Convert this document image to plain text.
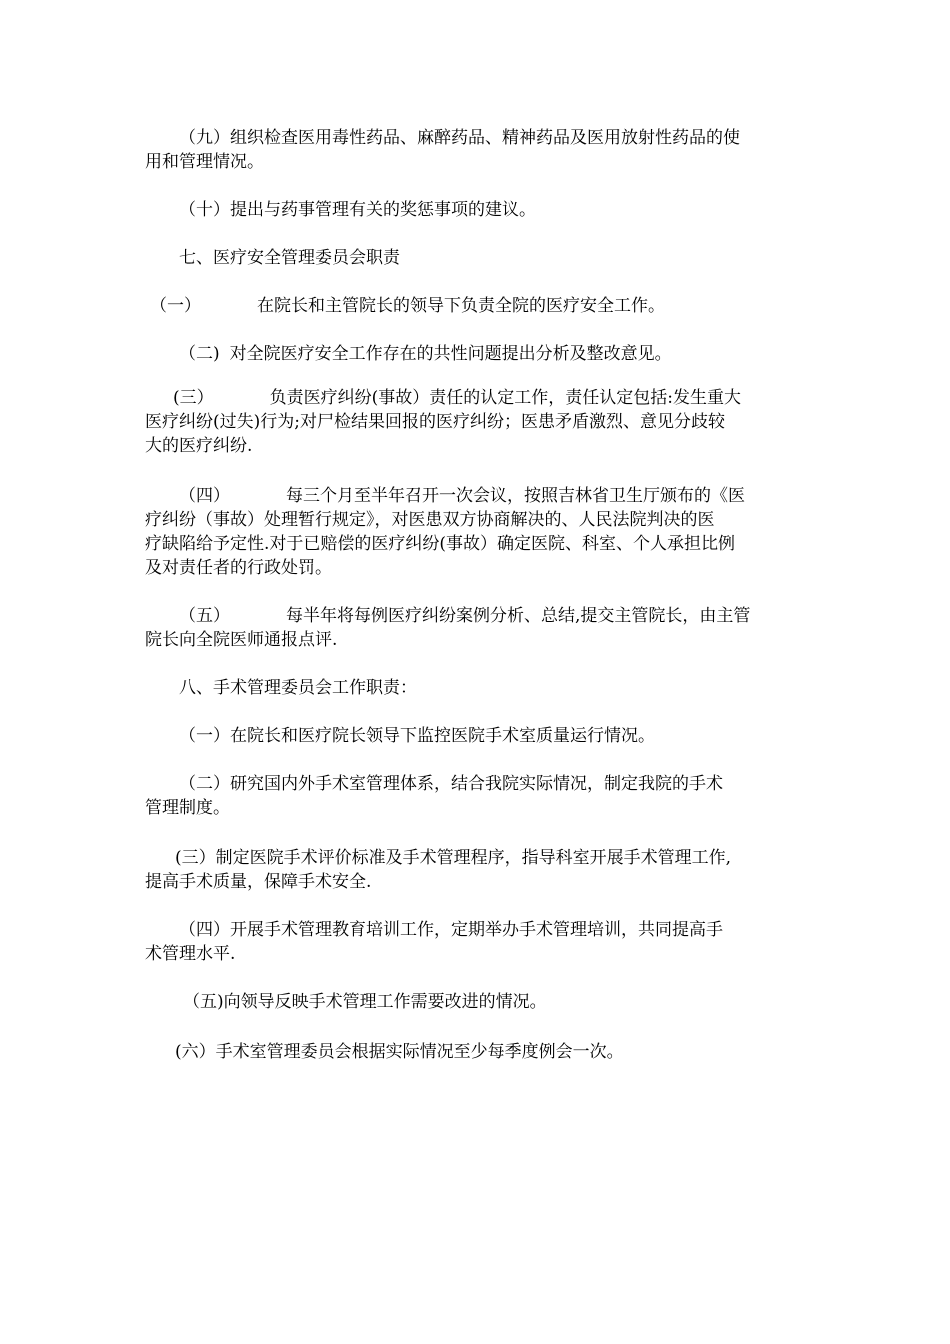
（九）组织检查医用毒性药品、麻醉药品、精神药品及医用放射性药品的使
用和管理情况。

（十）提出与药事管理有关的奖惩事项的建议。

七、医疗安全管理委员会职责

（一）	在院长和主管院长的领导下负责全院的医疗安全工作。

（二) 对全院医疗安全工作存在的共性问题提出分析及整改意见。

(三）	负责医疗纠纷(事故）责任的认定工作，责任认定包括:发生重大
医疗纠纷(过失)行为;对尸检结果回报的医疗纠纷；医患矛盾激烈、意见分歧较
大的医疗纠纷.

（四）	每三个月至半年召开一次会议，按照吉林省卫生厅颁布的《医
疗纠纷（事故）处理暂行规定》，对医患双方协商解决的、人民法院判决的医
疗缺陷给予定性.对于已赔偿的医疗纠纷(事故）确定医院、科室、个人承担比例
及对责任者的行政处罚。

（五）	每半年将每例医疗纠纷案例分析、总结,提交主管院长，由主管
院长向全院医师通报点评.

八、手术管理委员会工作职责：

（一）在院长和医疗院长领导下监控医院手术室质量运行情况。

（二）研究国内外手术室管理体系，结合我院实际情况，制定我院的手术
管理制度。

(三）制定医院手术评价标准及手术管理程序，指导科室开展手术管理工作,
提高手术质量，保障手术安全.

（四）开展手术管理教育培训工作，定期举办手术管理培训，共同提高手
术管理水平.

（五)向领导反映手术管理工作需要改进的情况。

(六）手术室管理委员会根据实际情况至少每季度例会一次。
